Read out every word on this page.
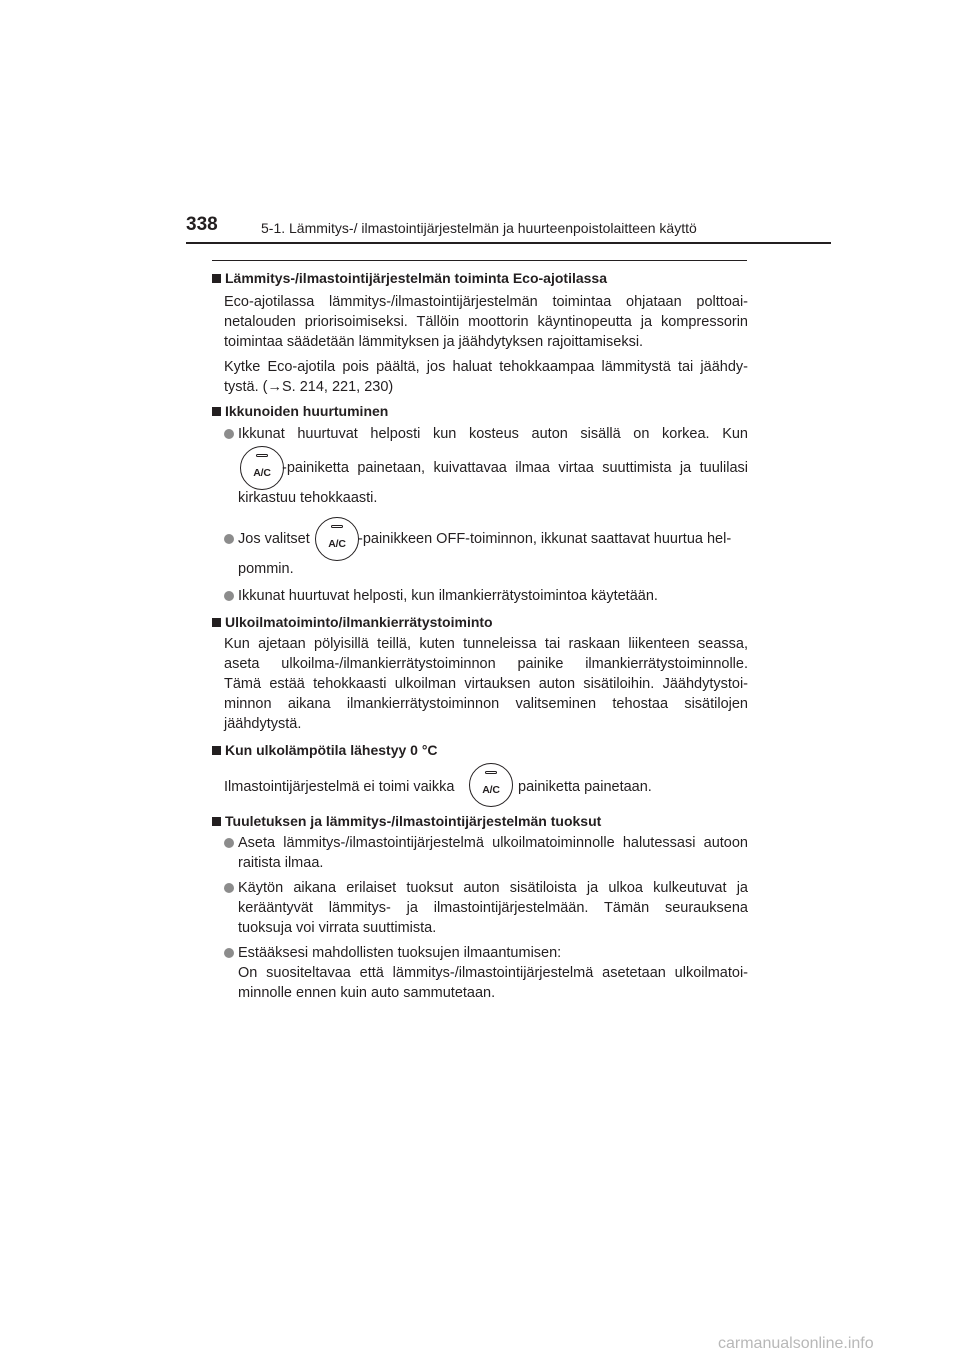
338	5-1. Lämmitys-/ ilmastointijärjestelmän ja huurteenpoistolaitteen käyttö
Lämmitys-/ilmastointijärjestelmän toiminta Eco-ajotilassa
Eco-ajotilassa lämmitys-/ilmastointijärjestelmän toimintaa ohjataan polttoai-
netalouden priorisoimiseksi. Tällöin moottorin käyntinopeutta ja kompressorin
toimintaa säädetään lämmityksen ja jäähdytyksen rajoittamiseksi.
Kytke Eco-ajotila pois päältä, jos haluat tehokkaampaa lämmitystä tai jäähdy-
tystä. (→S. 214, 221, 230)
Ikkunoiden huurtuminen
Ikkunat huurtuvat helposti kun kosteus auton sisällä on korkea. Kun
A/C -painiketta painetaan, kuivattavaa ilmaa virtaa suuttimista ja tuulilasi
kirkastuu tehokkaasti.
Jos valitset	A/C -painikkeen OFF-toiminnon, ikkunat saattavat huurtua hel-
pommin.
Ikkunat huurtuvat helposti, kun ilmankierrätystoimintoa käytetään.
Ulkoilmatoiminto/ilmankierrätystoiminto
Kun ajetaan pölyisillä teillä, kuten tunneleissa tai raskaan liikenteen seassa,
aseta ulkoilma-/ilmankierrätystoiminnon painike ilmankierrätystoiminnolle.
Tämä estää tehokkaasti ulkoilman virtauksen auton sisätiloihin. Jäähdytystoi-
minnon aikana ilmankierrätystoiminnon valitseminen tehostaa sisätilojen
jäähdytystä.
Kun ulkolämpötila lähestyy 0 °C
Ilmastointijärjestelmä ei toimi vaikka	A/C	painiketta painetaan.
Tuuletuksen ja lämmitys-/ilmastointijärjestelmän tuoksut
Aseta lämmitys-/ilmastointijärjestelmä ulkoilmatoiminnolle halutessasi autoon
raitista ilmaa.
Käytön aikana erilaiset tuoksut auton sisätiloista ja ulkoa kulkeutuvat ja
kerääntyvät lämmitys- ja ilmastointijärjestelmään. Tämän seurauksena
tuoksuja voi virrata suuttimista.
Estääksesi mahdollisten tuoksujen ilmaantumisen:
On suositeltavaa että lämmitys-/ilmastointijärjestelmä asetetaan ulkoilmatoi-
minnolle ennen kuin auto sammutetaan.
carmanualsonline.info
